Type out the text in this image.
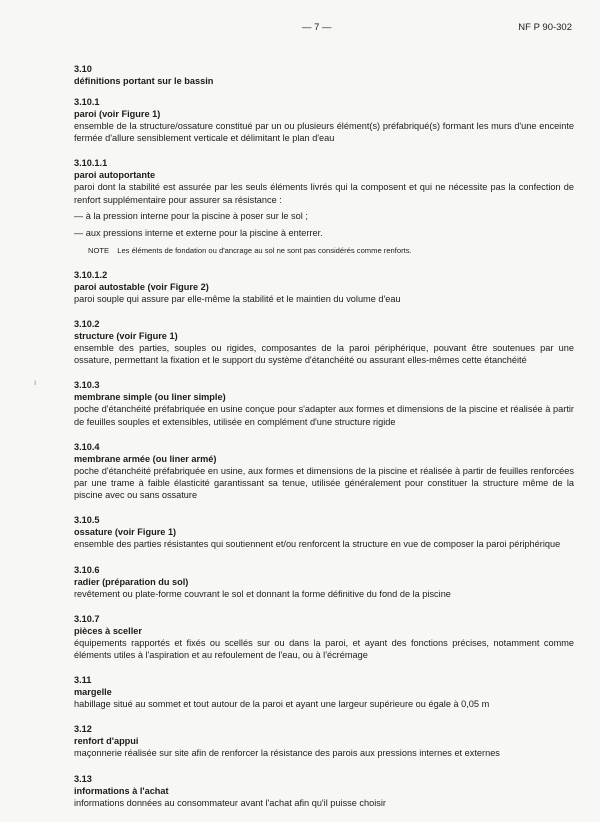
— 7 —	NF P 90-302
ı
3.10
définitions portant sur le bassin
3.10.1
paroi (voir Figure 1)
ensemble de la structure/ossature constitué par un ou plusieurs élément(s) préfabriqué(s) formant les murs d'une enceinte fermée d'allure sensiblement verticale et délimitant le plan d'eau
3.10.1.1
paroi autoportante
paroi dont la stabilité est assurée par les seuls éléments livrés qui la composent et qui ne nécessite pas la confection de renfort supplémentaire pour assurer sa résistance :
— à la pression interne pour la piscine à poser sur le sol ;
— aux pressions interne et externe pour la piscine à enterrer.
NOTE Les éléments de fondation ou d'ancrage au sol ne sont pas considérés comme renforts.
3.10.1.2
paroi autostable (voir Figure 2)
paroi souple qui assure par elle-même la stabilité et le maintien du volume d'eau
3.10.2
structure (voir Figure 1)
ensemble des parties, souples ou rigides, composantes de la paroi périphérique, pouvant être soutenues par une ossature, permettant la fixation et le support du système d'étanchéité ou assurant elles-mêmes cette étanchéité
3.10.3
membrane simple (ou liner simple)
poche d'étanchéité préfabriquée en usine conçue pour s'adapter aux formes et dimensions de la piscine et réalisée à partir de feuilles souples et extensibles, utilisée en complément d'une structure rigide
3.10.4
membrane armée (ou liner armé)
poche d'étanchéité préfabriquée en usine, aux formes et dimensions de la piscine et réalisée à partir de feuilles renforcées par une trame à faible élasticité garantissant sa tenue, utilisée généralement pour constituer la structure même de la piscine avec ou sans ossature
3.10.5
ossature (voir Figure 1)
ensemble des parties résistantes qui soutiennent et/ou renforcent la structure en vue de composer la paroi périphérique
3.10.6
radier (préparation du sol)
revêtement ou plate-forme couvrant le sol et donnant la forme définitive du fond de la piscine
3.10.7
pièces à sceller
équipements rapportés et fixés ou scellés sur ou dans la paroi, et ayant des fonctions précises, notamment comme éléments utiles à l'aspiration et au refoulement de l'eau, ou à l'écrémage
3.11
margelle
habillage situé au sommet et tout autour de la paroi et ayant une largeur supérieure ou égale à 0,05 m
3.12
renfort d'appui
maçonnerie réalisée sur site afin de renforcer la résistance des parois aux pressions internes et externes
3.13
informations à l'achat
informations données au consommateur avant l'achat afin qu'il puisse choisir
